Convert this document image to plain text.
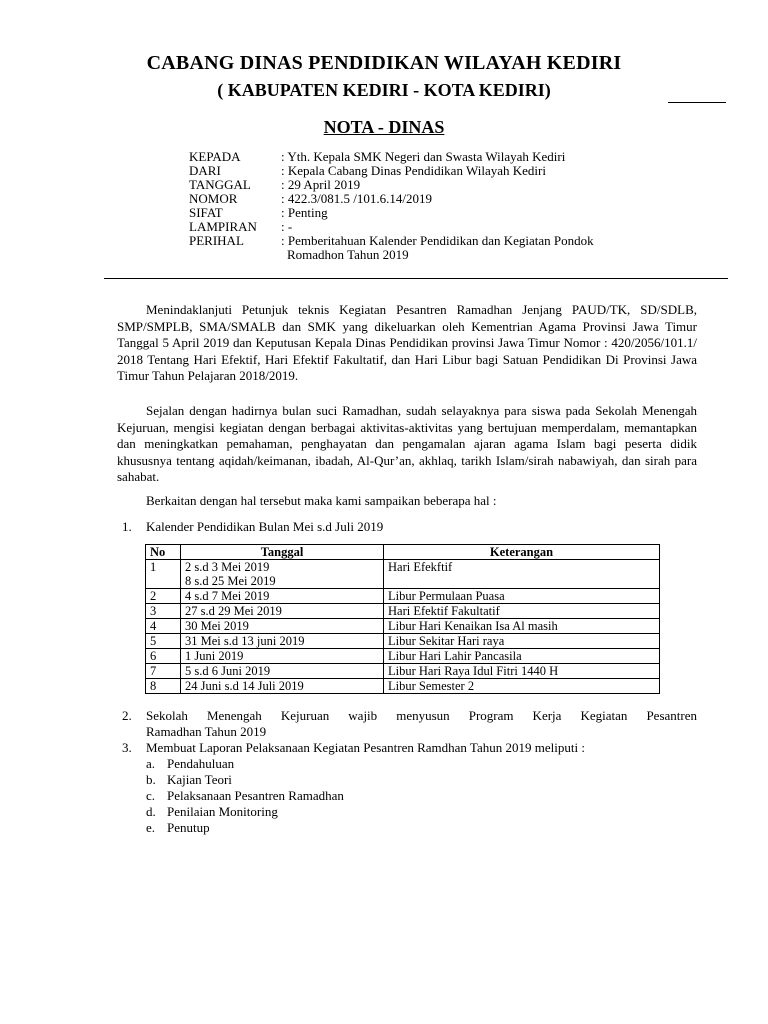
CABANG DINAS PENDIDIKAN WILAYAH KEDIRI
( KABUPATEN KEDIRI - KOTA KEDIRI)
NOTA - DINAS
KEPADA	: Yth. Kepala SMK Negeri dan Swasta Wilayah Kediri
DARI	: Kepala Cabang Dinas Pendidikan Wilayah Kediri
TANGGAL : 29 April 2019
NOMOR	: 422.3/081.5 /101.6.14/2019
SIFAT	: Penting
LAMPIRAN : -
PERIHAL	: Pemberitahuan Kalender Pendidikan dan Kegiatan Pondok
Romadhon Tahun 2019
Menindaklanjuti Petunjuk teknis Kegiatan Pesantren Ramadhan Jenjang PAUD/TK, SD/SDLB, SMP/SMPLB, SMA/SMALB dan SMK yang dikeluarkan oleh Kementrian Agama Provinsi Jawa Timur Tanggal 5 April 2019 dan Keputusan Kepala Dinas Pendidikan provinsi Jawa Timur Nomor : 420/2056/101.1/ 2018 Tentang Hari Efektif, Hari Efektif Fakultatif, dan Hari Libur bagi Satuan Pendidikan Di Provinsi Jawa Timur Tahun Pelajaran 2018/2019.
Sejalan dengan hadirnya bulan suci Ramadhan, sudah selayaknya para siswa pada Sekolah Menengah Kejuruan, mengisi kegiatan dengan berbagai aktivitas-aktivitas yang bertujuan memperdalam, memantapkan dan meningkatkan pemahaman, penghayatan dan pengamalan ajaran agama Islam bagi peserta didik khususnya tentang aqidah/keimanan, ibadah, Al-Qur’an, akhlaq, tarikh Islam/sirah nabawiyah, dan sirah para sahabat.
Berkaitan dengan hal tersebut maka kami sampaikan beberapa hal :
1. Kalender Pendidikan Bulan Mei s.d Juli 2019
No	Tanggal	Keterangan
1	2 s.d 3 Mei 2019
8 s.d 25 Mei 2019	Hari Efekftif
2	4 s.d 7 Mei 2019	Libur Permulaan Puasa
3	27 s.d 29 Mei 2019	Hari Efektif Fakultatif
4	30 Mei 2019	Libur Hari Kenaikan Isa Al masih
5	31 Mei s.d 13 juni 2019	Libur Sekitar Hari raya
6	1 Juni 2019	Libur Hari Lahir Pancasila
7	5 s.d 6 Juni 2019	Libur Hari Raya Idul Fitri 1440 H
8	24 Juni s.d 14 Juli 2019	Libur Semester 2
2. Sekolah Menengah Kejuruan wajib menyusun Program Kerja Kegiatan Pesantren
Ramadhan Tahun 2019
3. Membuat Laporan Pelaksanaan Kegiatan Pesantren Ramdhan Tahun 2019 meliputi :
a. Pendahuluan
b. Kajian Teori
c. Pelaksanaan Pesantren Ramadhan
d. Penilaian Monitoring
e. Penutup
